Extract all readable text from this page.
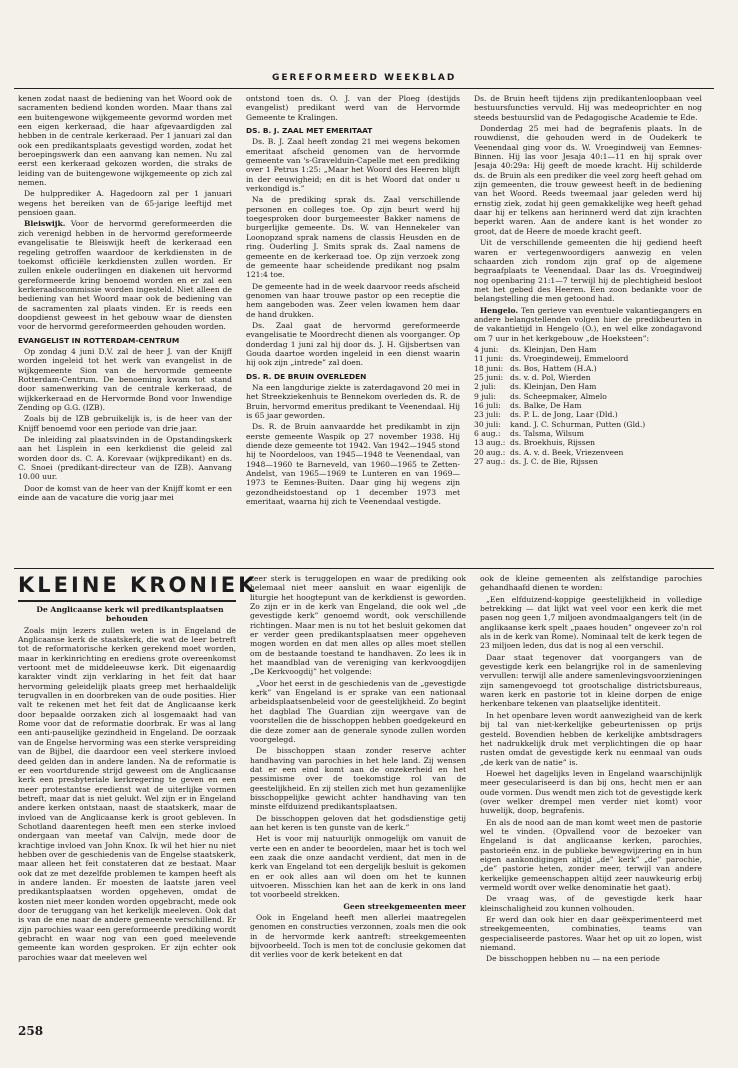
GEREFORMEERD WEEKBLAD

kenen zodat naast de bediening van het Woord ook de sacramenten bediend konden worden. Maar thans zal een buitengewone wijkgemeente gevormd worden met een eigen kerkeraad, die haar afgevaardigden zal hebben in de centrale kerkeraad. Per 1 januari zal dan ook een predikantsplaats gevestigd worden, zodat het beroepingswerk dan een aanvang kan nemen. Nu zal eerst een kerkeraad gekozen worden, die straks de leiding van de buitengewone wijkgemeente op zich zal nemen.

De hulpprediker A. Hagedoorn zal per 1 januari wegens het bereiken van de 65-jarige leeftijd met pensioen gaan.

Bleiswijk. Voor de hervormd gereformeerden die zich verenigd hebben in de hervormd gereformeerde evangelisatie te Bleiswijk heeft de kerkeraad een regeling getroffen waardoor de kerkdiensten in de toekomst officiële kerkdiensten zullen worden. Er zullen enkele ouderlingen en diakenen uit hervormd gereformeerde kring benoemd worden en er zal een kerkeraadscommissie worden ingesteld. Niet alleen de bediening van het Woord maar ook de bediening van de sacramenten zal plaats vinden. Er is reeds een doopdienst geweest in het gebouw waar de diensten voor de hervormd gereformeerden gehouden worden.

EVANGELIST IN ROTTERDAM-CENTRUM

Op zondag 4 juni D.V. zal de heer J. van der Knijff worden ingeleid tot het werk van evangelist in de wijkgemeente Sion van de hervormde gemeente Rotterdam-Centrum. De benoeming kwam tot stand door samenwerking van de centrale kerkeraad, de wijkkerkeraad en de Hervormde Bond voor Inwendige Zending op G.G. (IZB).

Zoals bij de IZB gebruikelijk is, is de heer van der Knijff benoemd voor een periode van drie jaar.

De inleiding zal plaatsvinden in de Opstandingskerk aan het Lisplein in een kerkdienst die geleid zal worden door ds. C. A. Korevaar (wijkpredikant) en ds. C. Snoei (predikant-directeur van de IZB). Aanvang 10.00 uur.

Door de komst van de heer van der Knijff komt er een einde aan de vacature die vorig jaar mei

ontstond toen ds. O. J. van der Ploeg (destijds evangelist) predikant werd van de Hervormde Gemeente te Kralingen.

DS. B. J. ZAAL MET EMERITAAT

Ds. B. J. Zaal heeft zondag 21 mei wegens bekomen emeritaat afscheid genomen van de hervormde gemeente van 's-Gravelduin-Capelle met een prediking over 1 Petrus 1:25: „Maar het Woord des Heeren blijft in der eeuwigheid; en dit is het Woord dat onder u verkondigd is.”

Na de prediking sprak ds. Zaal verschillende personen en colleges toe. Op zijn beurt werd hij toegesproken door burgemeester Bakker namens de burgerlijke gemeente. Ds. W. van Hennekeler van Loonopzand sprak namens de classis Heusden en de ring. Ouderling J. Smits sprak ds. Zaal namens de gemeente en de kerkeraad toe. Op zijn verzoek zong de gemeente haar scheidende predikant nog psalm 121:4 toe.

De gemeente had in de week daarvoor reeds afscheid genomen van haar trouwe pastor op een receptie die hem aangeboden was. Zeer velen kwamen hem daar de hand drukken.

Ds. Zaal gaat de hervormd gereformeerde evangelisatie te Moordrecht dienen als voorganger. Op donderdag 1 juni zal hij door ds. J. H. Gijsbertsen van Gouda daartoe worden ingeleid in een dienst waarin hij ook zijn „intrede” zal doen.

DS. R. DE BRUIN OVERLEDEN

Na een langdurige ziekte is zaterdagavond 20 mei in het Streekziekenhuis te Bennekom overleden ds. R. de Bruin, hervormd emeritus predikant te Veenendaal. Hij is 65 jaar geworden.

Ds. R. de Bruin aanvaardde het predikambt in zijn eerste gemeente Waspik op 27 november 1938. Hij diende deze gemeente tot 1942. Van 1942—1945 stond hij te Noordeloos, van 1945—1948 te Veenendaal, van 1948—1960 te Barneveld, van 1960—1965 te Zetten-Andelst, van 1965—1969 te Lunteren en van 1969—1973 te Eemnes-Buiten. Daar ging hij wegens zijn gezondheidstoestand op 1 december 1973 met emeritaat, waarna hij zich te Veenendaal vestigde.

Ds. de Bruin heeft tijdens zijn predikantenloopbaan veel bestuursfuncties vervuld. Hij was medeoprichter en nog steeds bestuurslid van de Pedagogische Academie te Ede.

Donderdag 25 mei had de begrafenis plaats. In de rouwdienst, die gehouden werd in de Oudekerk te Veenendaal ging voor ds. W. Vroegindweij van Eemnes-Binnen. Hij las voor Jesaja 40:1—11 en hij sprak over Jesaja 40:29a: Hij geeft de moede kracht. Hij schilderde ds. de Bruin als een prediker die veel zorg heeft gehad om zijn gemeenten, die trouw geweest heeft in de bediening van het Woord. Reeds tweemaal jaar geleden werd hij ernstig ziek, zodat hij geen gemakkelijke weg heeft gehad daar hij er telkens aan herinnerd werd dat zijn krachten beperkt waren. Aan de andere kant is het wonder zo groot, dat de Heere de moede kracht geeft.

Uit de verschillende gemeenten die hij gediend heeft waren er vertegenwoordigers aanwezig en velen schaarden zich rondom zijn graf op de algemene begraafplaats te Veenendaal. Daar las ds. Vroegindweij nog openbaring 21:1—7 terwijl hij de plechtigheid besloot met het gebed des Heeren. Een zoon bedankte voor de belangstelling die men getoond had.

Hengelo. Ten gerieve van eventuele vakantiegangers en andere belangstellenden volgen hier de predikbeurten in de vakantietijd in Hengelo (O.), en wel elke zondagavond om 7 uur in het kerkgebouw „de Hoeksteen”:

4 juni: ds. Kleinjan, Den Ham
11 juni: ds. Vroegindeweij, Emmeloord
18 juni: ds. Bos, Hattem (H.A.)
25 juni: ds. v. d. Pol, Wierden
2 juli: ds. Kleinjan, Den Ham
9 juli: ds. Scheepmaker, Almelo
16 juli: ds. Balke, De Ham
23 juli: ds. P. L. de Jong, Laar (Dld.)
30 juli: kand. J. C. Schurman, Putten (Gld.)
6 aug.: ds. Talsma, Wilsum
13 aug.: ds. Broekhuis, Rijssen
20 aug.: ds. A. v. d. Beek, Vriezenveen
27 aug.: ds. J. C. de Bie, Rijssen
KLEINE KRONIEK

De Anglicaanse kerk wil predikantsplaatsen behouden

Zoals mijn lezers zullen weten is in Engeland de Anglicaanse kerk de staatskerk, die wat de leer betreft tot de reformatorische kerken gerekend moet worden, maar in kerkinrichting en erediens grote overeenkomst vertoont met de middeleeuwse kerk. Dit eigenaardig karakter vindt zijn verklaring in het feit dat haar hervorming geleidelijk plaats greep met herhaaldelijk terugvallen in en doorbreken van de oude posities. Hier valt te rekenen met het feit dat de Anglicaanse kerk door bepaalde oorzaken zich al losgemaakt had van Rome voor dat de reformatie doorbrak. Er was al lang een anti-pauselijke gezindheid in Engeland. De oorzaak van de Engelse hervorming was een sterke verspreiding van de Bijbel, die daardoor een veel sterkere invloed deed gelden dan in andere landen. Na de reformatie is er een voortdurende strijd geweest om de Anglicaanse kerk een presbyteriale kerkregering te geven en een meer protestantse eredienst wat de uiterlijke vormen betreft, maar dat is niet gelukt. Wel zijn er in Engeland andere kerken ontstaan, naast de staatskerk, maar de invloed van de Anglicaanse kerk is groot gebleven. In Schotland daarentegen heeft men een sterke invloed ondergaan van meetaf van Calvijn, mede door de krachtige invloed van John Knox. Ik wil het hier nu niet hebben over de geschiedenis van de Engelse staatskerk, maar alleen het feit constateren dat ze bestaat. Maar ook dat ze met dezelfde problemen te kampen heeft als in andere landen. Er moesten de laatste jaren veel predikantsplaatsen worden opgeheven, omdat de kosten niet meer konden worden opgebracht, mede ook door de teruggang van het kerkelijk meeleven. Ook dat is van de ene naar de andere gemeente verschillend. Er zijn parochies waar een gereformeerde prediking wordt gebracht en waar nog van een goed meelevende gemeente kan worden gesproken. Er zijn echter ook parochies waar dat meeleven wel

zeer sterk is teruggelopen en waar de prediking ook helemaal niet meer aansluit en waar eigenlijk de liturgie het hoogtepunt van de kerkdienst is geworden. Zo zijn er in de kerk van Engeland, die ook wel „de gevestigde kerk” genoemd wordt, ook verschillende richtingen. Maar men is nu tot het besluit gekomen dat er verder geen predikantsplaatsen meer opgeheven mogen worden en dat men alles op alles moet stellen om de bestaande toestand te handhaven. Zo lees ik in het maandblad van de vereniging van kerkvoogdijen „De Kerkvoogdij” het volgende:

„Voor het eerst in de geschiedenis van de „gevestigde kerk” van Engeland is er sprake van een nationaal arbeidsplaatsenbeleid voor de geestelijkheid. Zo begint het dagblad The Guardian zijn weergave van de voorstellen die de bisschoppen hebben goedgekeurd en die deze zomer aan de generale synode zullen worden voorgelegd.

De bisschoppen staan zonder reserve achter handhaving van parochies in het hele land. Zij wensen dat er een eind komt aan de onzekerheid en het pessimisme over de toekomstige rol van de geestelijkheid. En zij stellen zich met hun gezamenlijke bisschoppelijke gewicht achter handhaving van ten minste elfduizend predikantsplaatsen.

De bisschoppen geloven dat het godsdienstige getij aan het keren is ten gunste van de kerk.”

Het is voor mij natuurlijk onmogelijk om vanuit de verte een en ander te beoordelen, maar het is toch wel een zaak die onze aandacht verdient, dat men in de kerk van Engeland tot een dergelijk besluit is gekomen en er ook alles aan wil doen om het te kunnen uitvoeren. Misschien kan het aan de kerk in ons land tot voorbeeld strekken.

Geen streekgemeenten meer

Ook in Engeland heeft men allerlei maatregelen genomen en constructies verzonnen, zoals men die ook in de hervormde kerk aantreft: streekgemeenten bijvoorbeeld. Toch is men tot de conclusie gekomen dat dit verlies voor de kerk betekent en dat

ook de kleine gemeenten als zelfstandige parochies gehandhaafd dienen te worden:

„Een elfduizend-koppige geestelijkheid in volledige betrekking — dat lijkt wat veel voor een kerk die met pasen nog geen 1,7 miljoen avondmaalgangers telt (in de anglikaanse kerk spelt „paaes houden” ongeveer zo'n rol als in de kerk van Rome). Nominaal telt de kerk tegen de 23 miljoen leden, dus dat is nog al een verschil.

Daar staat tegenover dat voorgangers van de gevestigde kerk een belangrijke rol in de samenleving vervullen: terwijl alle andere samenlevingsvoorzieningen zijn samengevoegd tot grootschalige districtsbureaus, waren kerk en pastorie tot in kleine dorpen de enige herkenbare tekenen van plaatselijke identiteit.

In het openbare leven wordt aanwezigheid van de kerk bij tal van niet-kerkelijke gebeurtenissen op prijs gesteld. Bovendien hebben de kerkelijke ambtsdragers het nadrukkelijk druk met verplichtingen die op haar rusten omdat de gevestigde kerk nu eenmaal van ouds „de kerk van de natie” is.

Hoewel het dagelijks leven in Engeland waarschijnlijk meer geseculariseerd is dan bij ons, hecht men er aan oude vormen. Dus wendt men zich tot de gevestigde kerk (over welker drempel men verder niet komt) voor huwelijk, doop, begrafenis.

En als de nood aan de man komt weet men de pastorie wel te vinden. (Opvallend voor de bezoeker van Engeland is dat anglicaanse kerken, parochies, pastorieën enz. in de publieke bewegwijzering en in hun eigen aankondigingen altijd „de” kerk” „de” parochie, „de” pastorie heten, zonder meer, terwijl van andere kerkelijke gemeenschappen altijd zeer nauwkeurig erbij vermeld wordt over welke denominatie het gaat).

De vraag was, of de gevestigde kerk haar kleinschaligheid zou kunnen volhouden.

Er werd dan ook hier en daar geëxperimenteerd met streekgemeenten, combinaties, teams van gespecialiseerde pastores. Waar het op uit zo lopen, wist niemand.

De bisschoppen hebben nu — na een periode

258
